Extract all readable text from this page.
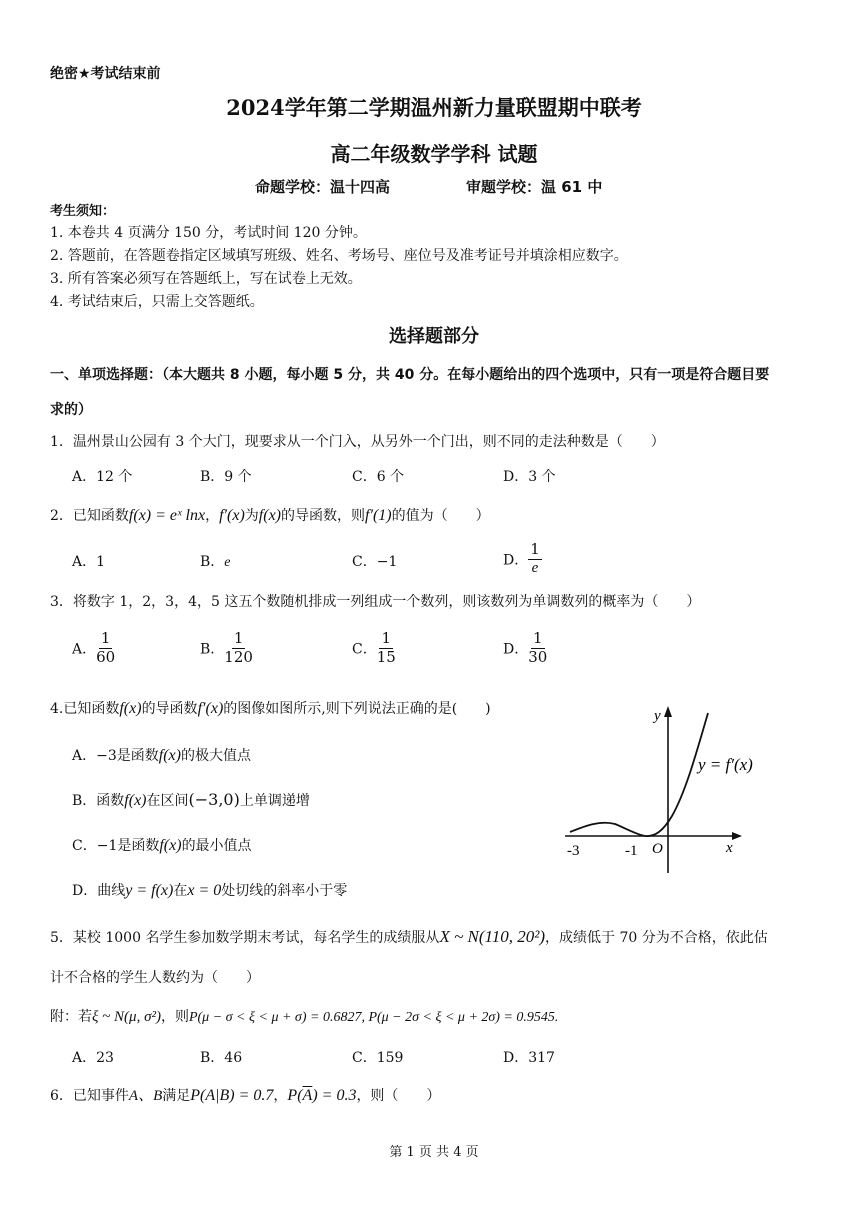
绝密★考试结束前
2024学年第二学期温州新力量联盟期中联考
高二年级数学学科 试题
命题学校：温十四高	审题学校：温 61 中
考生须知：
1. 本卷共 4 页满分 150 分，考试时间 120 分钟。
2. 答题前，在答题卷指定区域填写班级、姓名、考场号、座位号及准考证号并填涂相应数字。
3. 所有答案必须写在答题纸上，写在试卷上无效。
4. 考试结束后，只需上交答题纸。
选择题部分
一、单项选择题：（本大题共 8 小题，每小题 5 分，共 40 分。在每小题给出的四个选项中，只有一项是符合题目要
求的）
1．温州景山公园有 3 个大门，现要求从一个门入，从另外一个门出，则不同的走法种数是（　　）
A．12 个	B．9 个	C．6 个	D．3 个
2．已知函数f(x) = eˣ lnx，f′(x)为f(x)的导函数，则f′(1)的值为（　　）
A．1	B．e	C．−1	D． $\frac{1}{e}$
3．将数字 1，2，3，4，5 这五个数随机排成一列组成一个数列，则该数列为单调数列的概率为（　　）
A． $\frac{1}{60}$	B． $\frac{1}{120}$	C． $\frac{1}{15}$	D． $\frac{1}{30}$
4.已知函数f(x)的导函数f′(x)的图像如图所示,则下列说法正确的是(　　)
A．−3是函数f(x)的极大值点
B．函数f(x)在区间(−3,0)上单调递增
C．−1是函数f(x)的最小值点
D．曲线y = f(x)在x = 0处切线的斜率小于零
y
x
y = f′(x)
-3	-1 O
5．某校 1000 名学生参加数学期末考试，每名学生的成绩服从X ~ N(110, 20²)，成绩低于 70 分为不合格，依此估
计不合格的学生人数约为（　　）
附：若ξ ~ N(μ, σ²)，则P(μ − σ < ξ < μ + σ) = 0.6827, P(μ − 2σ < ξ < μ + 2σ) = 0.9545.
A．23	B．46	C．159	D．317
6．已知事件A、B满足P(A|B) = 0.7，$P(\overline{A}) = 0.3$，则（　　）
第 1 页 共 4 页
